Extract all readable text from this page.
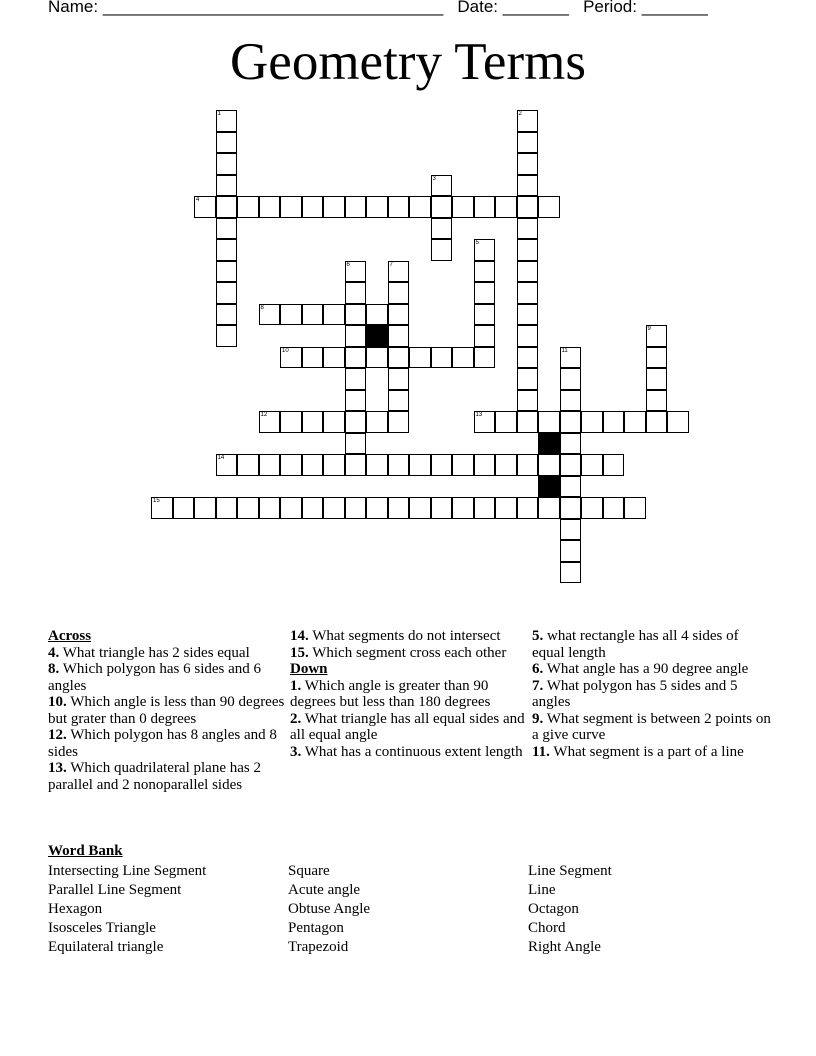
Name: ____________________________________ Date: _______ Period: _______
Geometry Terms
1	2
3
4
5
6	7
8
9
10	11
12	13
14
15
Across
4. What triangle has 2 sides equal
8. Which polygon has 6 sides and 6 angles
10. Which angle is less than 90 degrees but grater than 0 degrees
12. Which polygon has 8 angles and 8 sides
13. Which quadrilateral plane has 2 parallel and 2 nonoparallel sides
14. What segments do not intersect
15. Which segment cross each other
Down
1. Which angle is greater than 90 degrees but less than 180 degrees
2. What triangle has all equal sides and all equal angle
3. What has a continuous extent length
5. what rectangle has all 4 sides of equal length
6. What angle has a 90 degree angle
7. What polygon has 5 sides and 5 angles
9. What segment is between 2 points on a give curve
11. What segment is a part of a line
Word Bank
Intersecting Line Segment
Parallel Line Segment
Hexagon
Isosceles Triangle
Equilateral triangle
Square
Acute angle
Obtuse Angle
Pentagon
Trapezoid
Line Segment
Line
Octagon
Chord
Right Angle
